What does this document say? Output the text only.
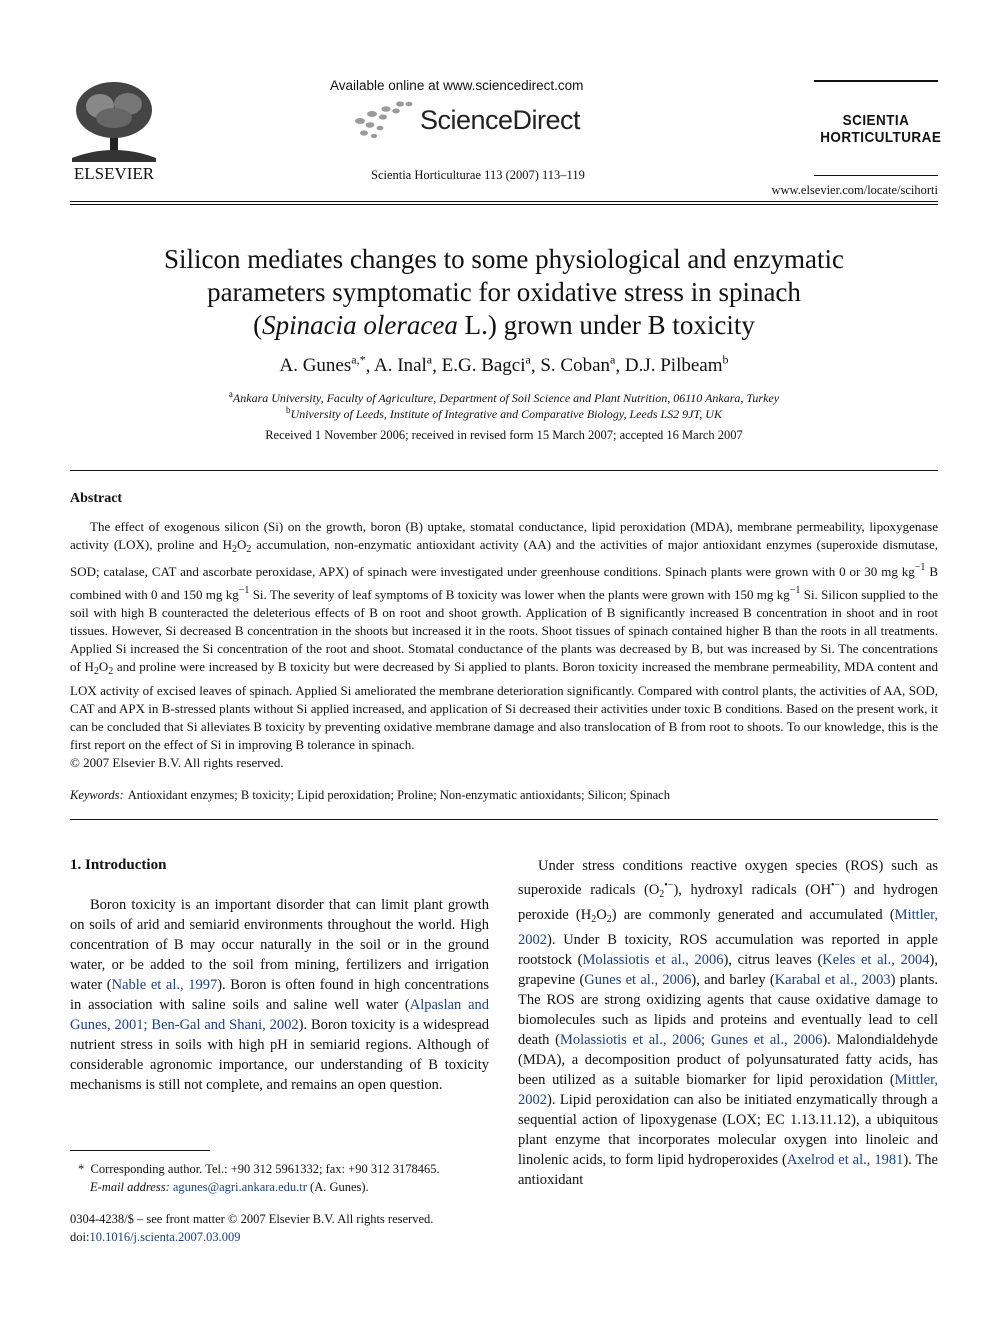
ELSEVIER
Available online at www.sciencedirect.com
ScienceDirect
Scientia Horticulturae 113 (2007) 113–119
SCIENTIA
HORTICULTURAE
www.elsevier.com/locate/scihorti
Silicon mediates changes to some physiological and enzymatic
parameters symptomatic for oxidative stress in spinach
(Spinacia oleracea L.) grown under B toxicity
A. Gunes$^{a,*}$, A. Inal$^a$, E.G. Bagci$^a$, S. Coban$^a$, D.J. Pilbeam$^b$
$^a$Ankara University, Faculty of Agriculture, Department of Soil Science and Plant Nutrition, 06110 Ankara, Turkey
$^b$University of Leeds, Institute of Integrative and Comparative Biology, Leeds LS2 9JT, UK
Received 1 November 2006; received in revised form 15 March 2007; accepted 16 March 2007
Abstract
The effect of exogenous silicon (Si) on the growth, boron (B) uptake, stomatal conductance, lipid peroxidation (MDA), membrane permeability, lipoxygenase activity (LOX), proline and $H_2O_2$ accumulation, non-enzymatic antioxidant activity (AA) and the activities of major antioxidant enzymes (superoxide dismutase, SOD; catalase, CAT and ascorbate peroxidase, APX) of spinach were investigated under greenhouse conditions. Spinach plants were grown with 0 or 30 mg $kg^{-1}$ B combined with 0 and 150 mg $kg^{-1}$ Si. The severity of leaf symptoms of B toxicity was lower when the plants were grown with 150 mg $kg^{-1}$ Si. Silicon supplied to the soil with high B counteracted the deleterious effects of B on root and shoot growth. Application of B significantly increased B concentration in shoot and in root tissues. However, Si decreased B concentration in the shoots but increased it in the roots. Shoot tissues of spinach contained higher B than the roots in all treatments. Applied Si increased the Si concentration of the root and shoot. Stomatal conductance of the plants was decreased by B, but was increased by Si. The concentrations of $H_2O_2$ and proline were increased by B toxicity but were decreased by Si applied to plants. Boron toxicity increased the membrane permeability, MDA content and LOX activity of excised leaves of spinach. Applied Si ameliorated the membrane deterioration significantly. Compared with control plants, the activities of AA, SOD, CAT and APX in B-stressed plants without Si applied increased, and application of Si decreased their activities under toxic B conditions. Based on the present work, it can be concluded that Si alleviates B toxicity by preventing oxidative membrane damage and also translocation of B from root to shoots. To our knowledge, this is the first report on the effect of Si in improving B tolerance in spinach.
© 2007 Elsevier B.V. All rights reserved.
Keywords: Antioxidant enzymes; B toxicity; Lipid peroxidation; Proline; Non-enzymatic antioxidants; Silicon; Spinach
1. Introduction
Boron toxicity is an important disorder that can limit plant growth on soils of arid and semiarid environments throughout the world. High concentration of B may occur naturally in the soil or in the ground water, or be added to the soil from mining, fertilizers and irrigation water (Nable et al., 1997). Boron is often found in high concentrations in association with saline soils and saline well water (Alpaslan and Gunes, 2001; Ben-Gal and Shani, 2002). Boron toxicity is a widespread nutrient stress in soils with high pH in semiarid regions. Although of considerable agronomic importance, our understanding of B toxicity mechanisms is still not complete, and remains an open question.
* Corresponding author. Tel.: +90 312 5961332; fax: +90 312 3178465.
E-mail address: agunes@agri.ankara.edu.tr (A. Gunes).
0304-4238/$ – see front matter © 2007 Elsevier B.V. All rights reserved.
doi:10.1016/j.scienta.2007.03.009
Under stress conditions reactive oxygen species (ROS) such as superoxide radicals $(O_2^{•-})$, hydroxyl radicals (OH•−) and hydrogen peroxide $(H_2O_2)$ are commonly generated and accumulated (Mittler, 2002). Under B toxicity, ROS accumulation was reported in apple rootstock (Molassiotis et al., 2006), citrus leaves (Keles et al., 2004), grapevine (Gunes et al., 2006), and barley (Karabal et al., 2003) plants. The ROS are strong oxidizing agents that cause oxidative damage to biomolecules such as lipids and proteins and eventually lead to cell death (Molassiotis et al., 2006; Gunes et al., 2006). Malondialdehyde (MDA), a decomposition product of polyunsaturated fatty acids, has been utilized as a suitable biomarker for lipid peroxidation (Mittler, 2002). Lipid peroxidation can also be initiated enzymatically through a sequential action of lipoxygenase (LOX; EC 1.13.11.12), a ubiquitous plant enzyme that incorporates molecular oxygen into linoleic and linolenic acids, to form lipid hydroperoxides (Axelrod et al., 1981). The antioxidant
